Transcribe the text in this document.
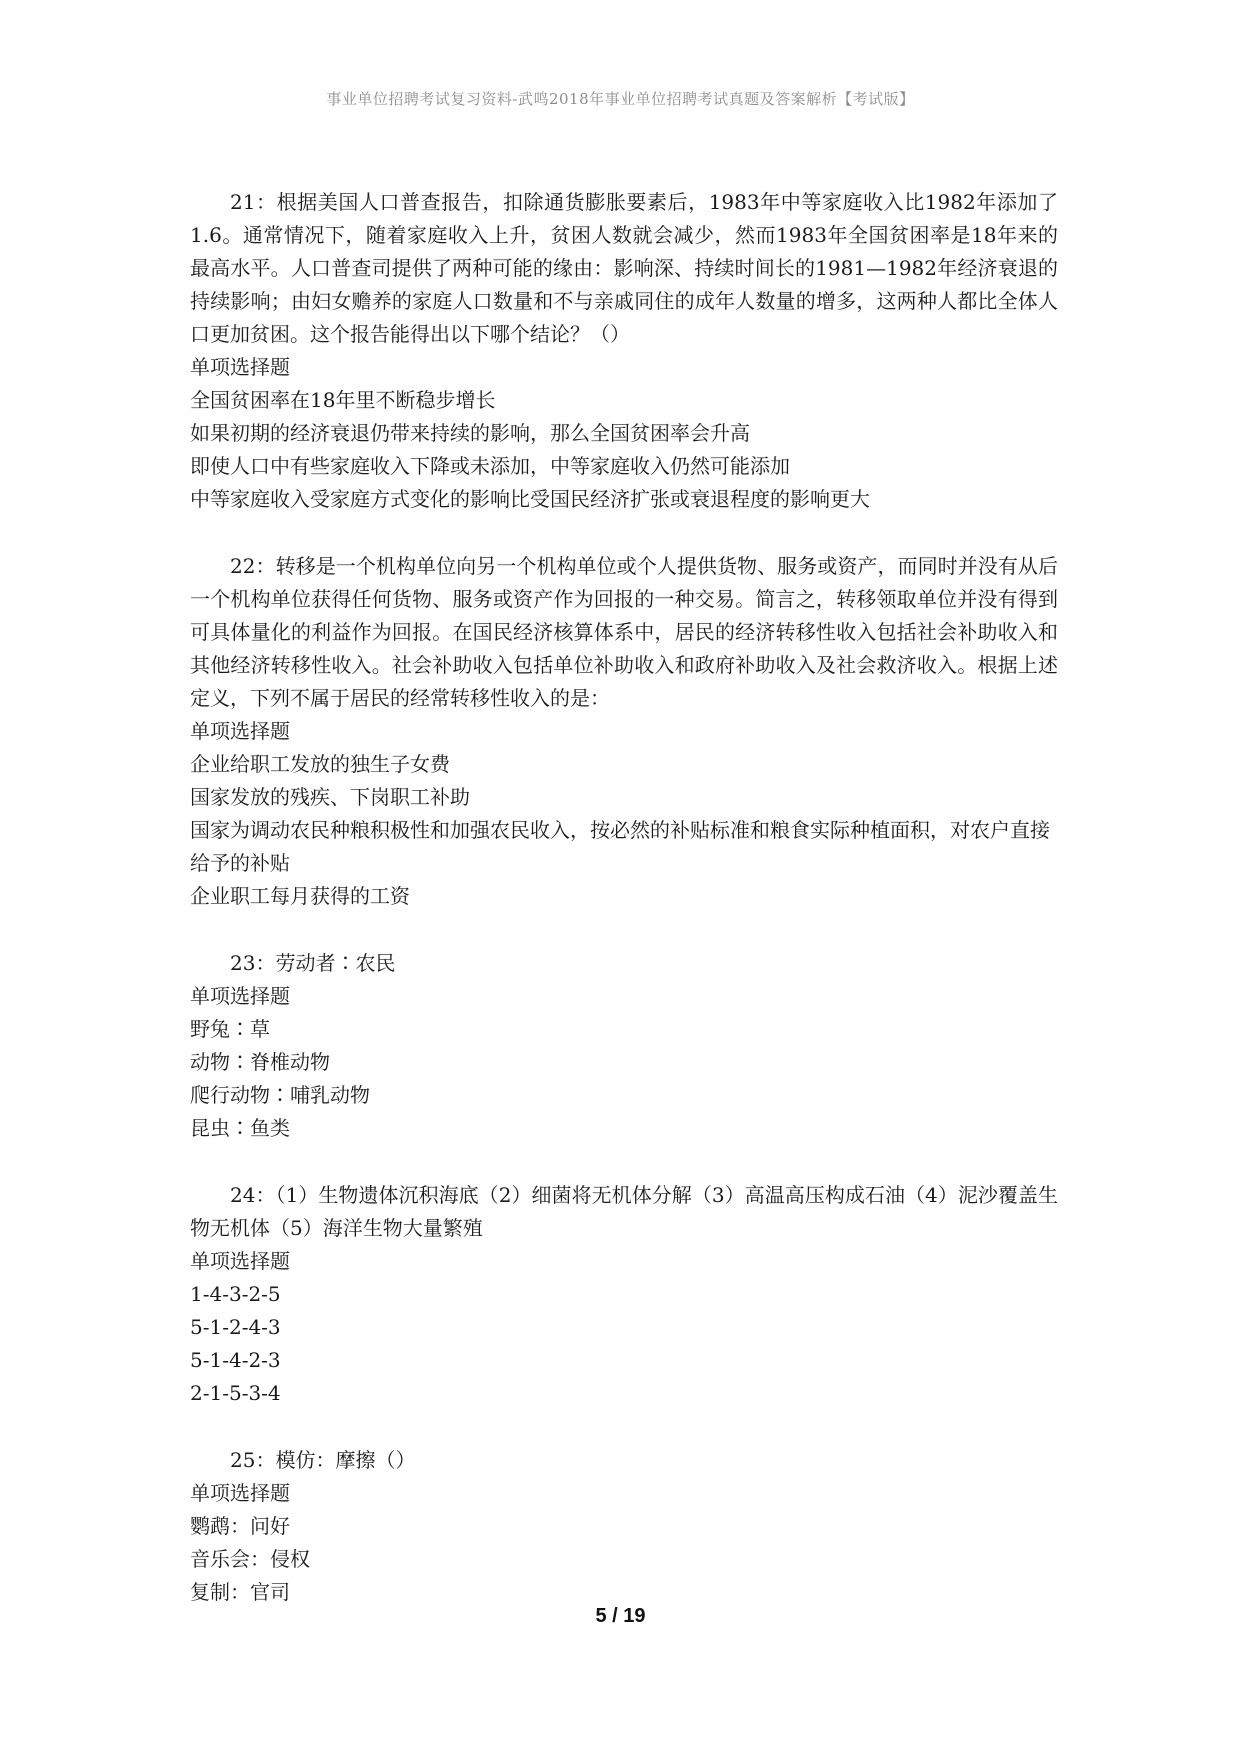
事业单位招聘考试复习资料-武鸣2018年事业单位招聘考试真题及答案解析【考试版】

21：根据美国人口普查报告，扣除通货膨胀要素后，1983年中等家庭收入比1982年添加了1.6。通常情况下，随着家庭收入上升，贫困人数就会减少，然而1983年全国贫困率是18年来的最高水平。人口普查司提供了两种可能的缘由：影响深、持续时间长的1981—1982年经济衰退的持续影响；由妇女赡养的家庭人口数量和不与亲戚同住的成年人数量的增多，这两种人都比全体人口更加贫困。这个报告能得出以下哪个结论？（）

单项选择题

全国贫困率在18年里不断稳步增长

如果初期的经济衰退仍带来持续的影响，那么全国贫困率会升高

即使人口中有些家庭收入下降或未添加，中等家庭收入仍然可能添加

中等家庭收入受家庭方式变化的影响比受国民经济扩张或衰退程度的影响更大

22：转移是一个机构单位向另一个机构单位或个人提供货物、服务或资产，而同时并没有从后一个机构单位获得任何货物、服务或资产作为回报的一种交易。简言之，转移领取单位并没有得到可具体量化的利益作为回报。在国民经济核算体系中，居民的经济转移性收入包括社会补助收入和其他经济转移性收入。社会补助收入包括单位补助收入和政府补助收入及社会救济收入。根据上述定义，下列不属于居民的经常转移性收入的是：

单项选择题

企业给职工发放的独生子女费

国家发放的残疾、下岗职工补助

国家为调动农民种粮积极性和加强农民收入，按必然的补贴标准和粮食实际种植面积，对农户直接给予的补贴

企业职工每月获得的工资

23：劳动者∶农民

单项选择题

野兔∶草

动物∶脊椎动物

爬行动物∶哺乳动物

昆虫∶鱼类

24：（1）生物遗体沉积海底（2）细菌将无机体分解（3）高温高压构成石油（4）泥沙覆盖生物无机体（5）海洋生物大量繁殖

单项选择题

1-4-3-2-5

5-1-2-4-3

5-1-4-2-3

2-1-5-3-4

25：模仿：摩擦（）

单项选择题

鹦鹉：问好

音乐会：侵权

复制：官司

5 / 19
